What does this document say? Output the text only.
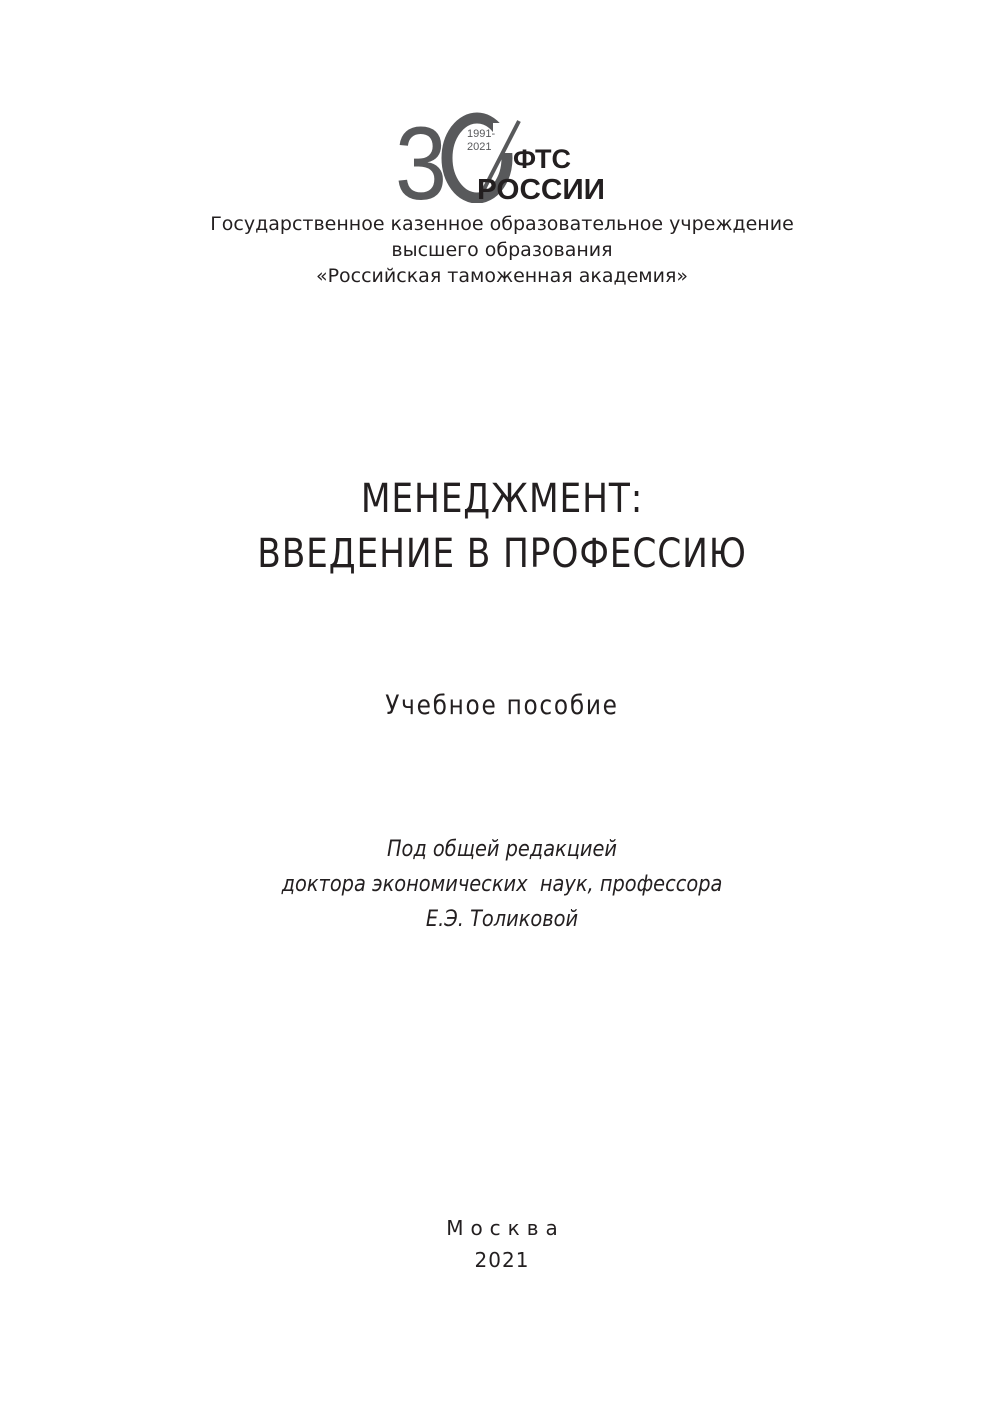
3 1991-
2021 ФТС
РОССИИ
Государственное казенное образовательное учреждение
высшего образования
«Российская таможенная академия»
МЕНЕДЖМЕНТ:
ВВЕДЕНИЕ В ПРОФЕССИЮ
Учебное пособие
Под общей редакцией
доктора экономических  наук, профессора
Е.Э. Толиковой
Москва
2021
